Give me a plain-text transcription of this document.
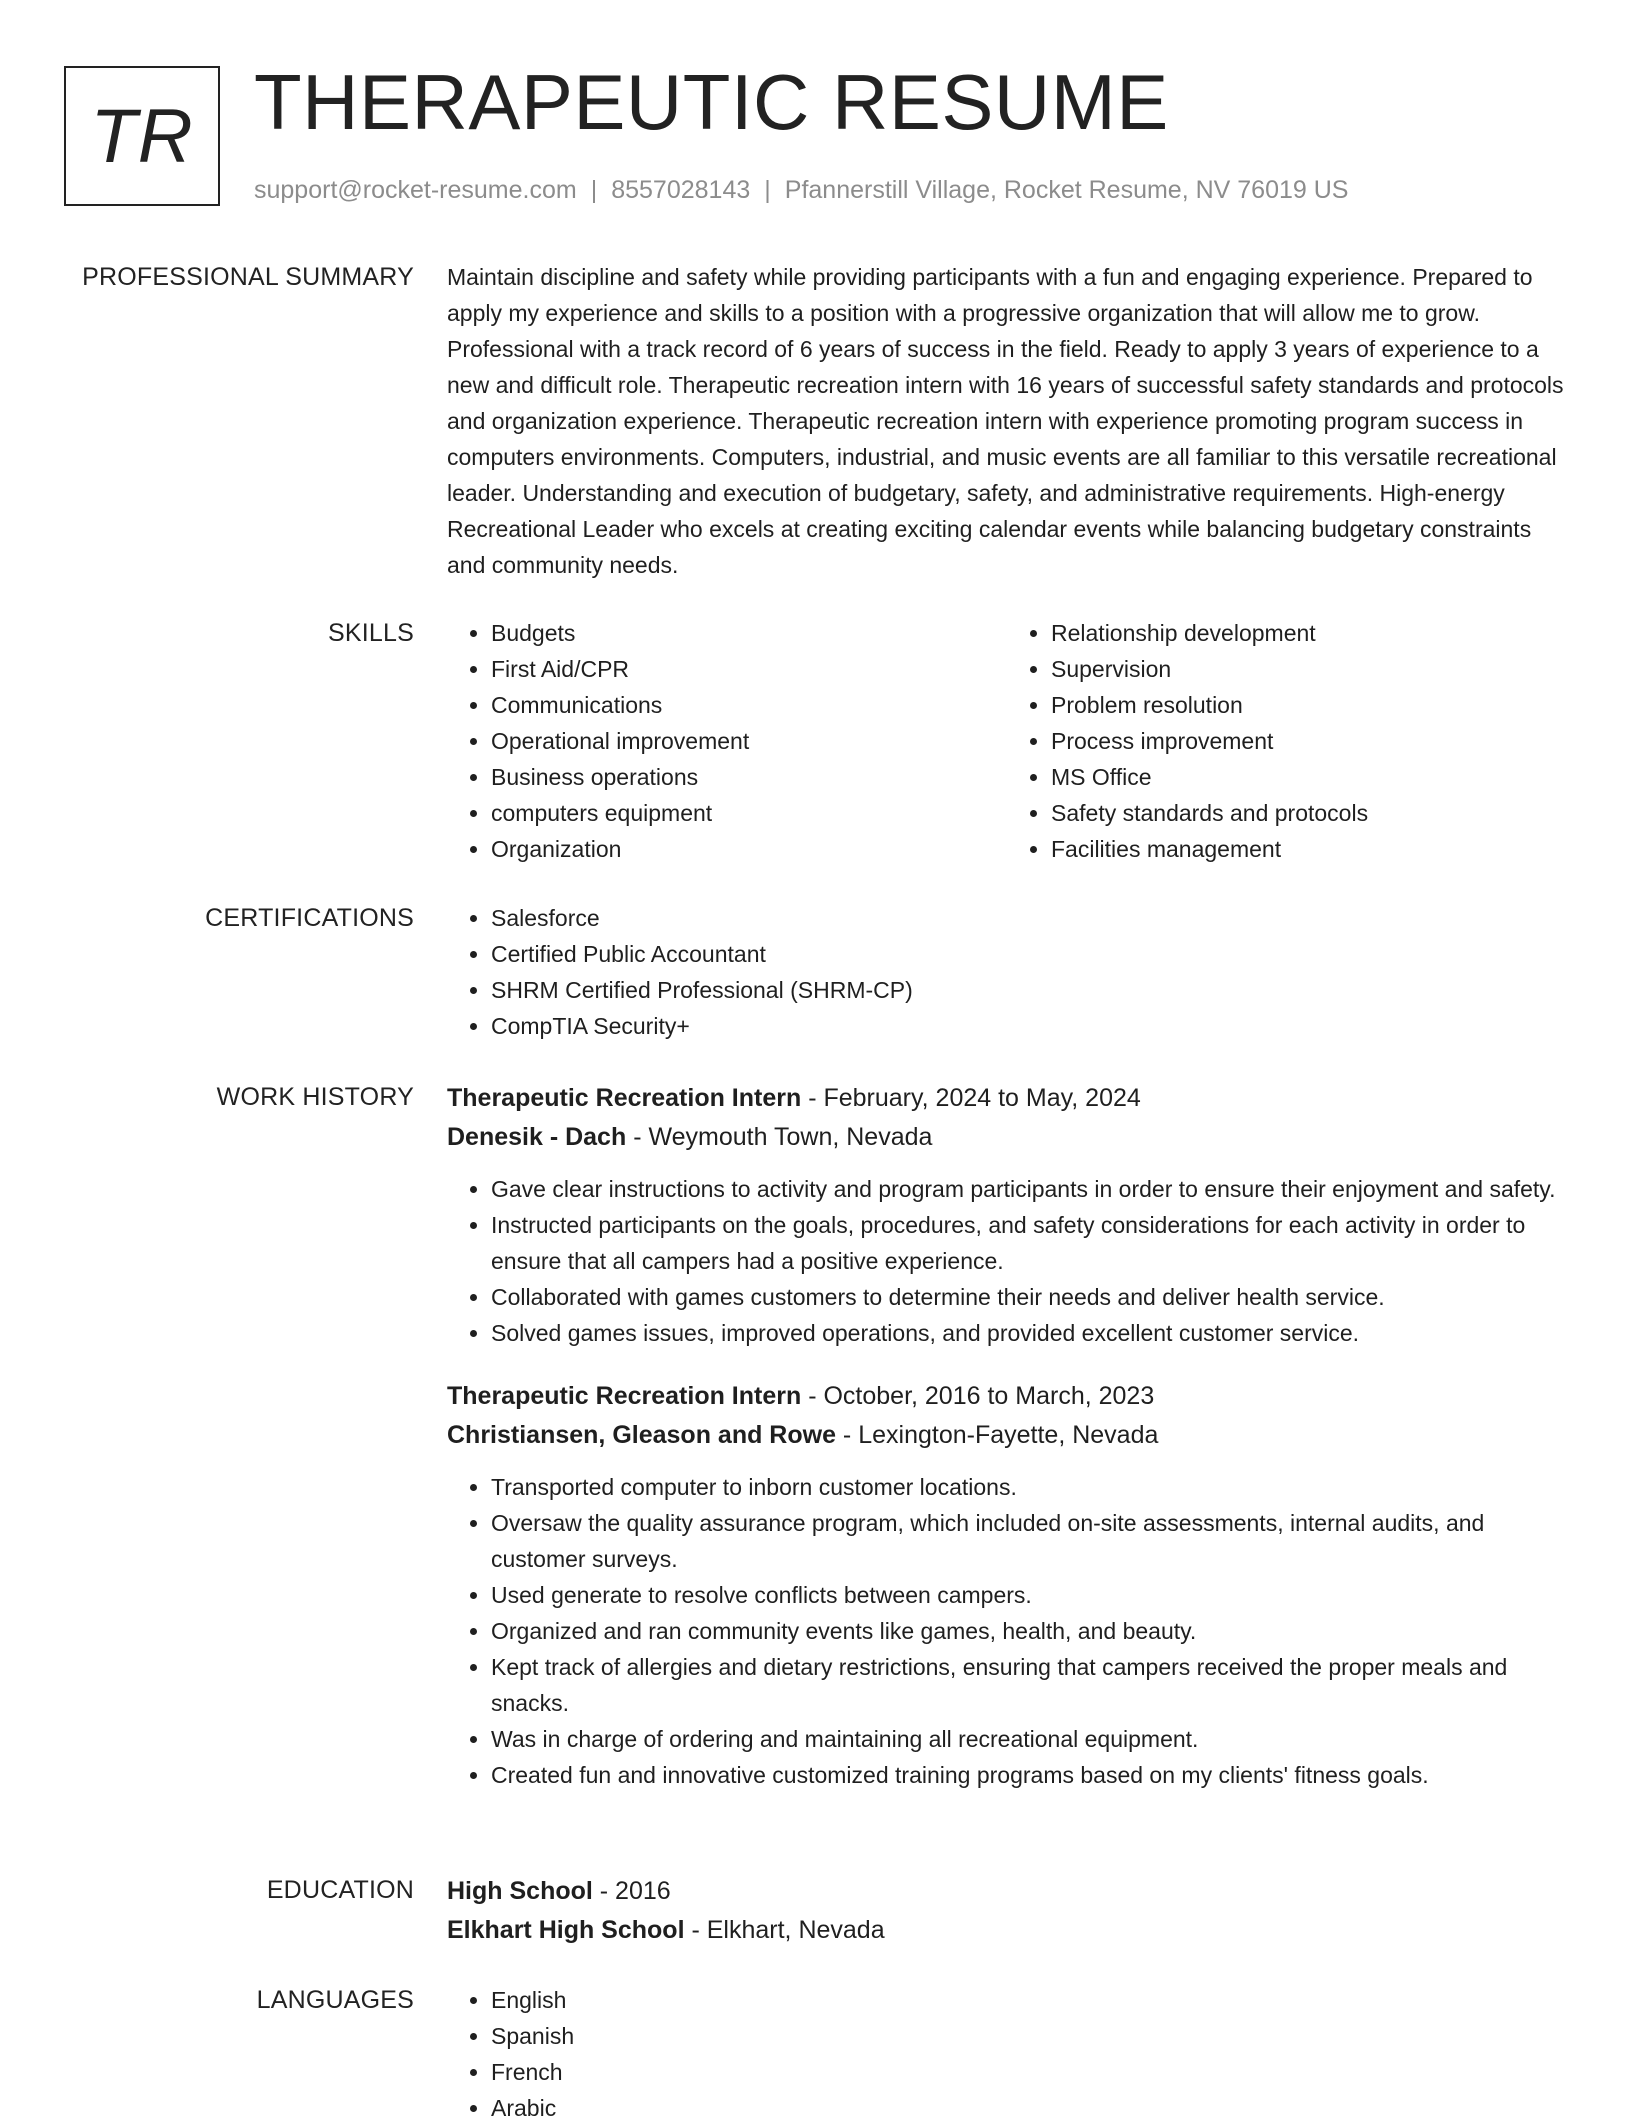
TR THERAPEUTIC RESUME
support@rocket-resume.com | 8557028143 | Pfannerstill Village, Rocket Resume, NV 76019 US
PROFESSIONAL SUMMARY Maintain discipline and safety while providing participants with a fun and engaging experience. Prepared to apply my experience and skills to a position with a progressive organization that will allow me to grow. Professional with a track record of 6 years of success in the field. Ready to apply 3 years of experience to a new and difficult role. Therapeutic recreation intern with 16 years of successful safety standards and protocols and organization experience. Therapeutic recreation intern with experience promoting program success in computers environments. Computers, industrial, and music events are all familiar to this versatile recreational leader. Understanding and execution of budgetary, safety, and administrative requirements. High-energy Recreational Leader who excels at creating exciting calendar events while balancing budgetary constraints and community needs.
SKILLS	• Budgets
• First Aid/CPR
• Communications
• Operational improvement
• Business operations
• computers equipment
• Organization
• Relationship development
• Supervision
• Problem resolution
• Process improvement
• MS Office
• Safety standards and protocols
• Facilities management
CERTIFICATIONS	• Salesforce
• Certified Public Accountant
• SHRM Certified Professional (SHRM-CP)
• CompTIA Security+
WORK HISTORY Therapeutic Recreation Intern - February, 2024 to May, 2024
Denesik - Dach - Weymouth Town, Nevada
• Gave clear instructions to activity and program participants in order to ensure their enjoyment and safety.
• Instructed participants on the goals, procedures, and safety considerations for each activity in order to ensure that all campers had a positive experience.
• Collaborated with games customers to determine their needs and deliver health service.
• Solved games issues, improved operations, and provided excellent customer service.
Therapeutic Recreation Intern - October, 2016 to March, 2023
Christiansen, Gleason and Rowe - Lexington-Fayette, Nevada
• Transported computer to inborn customer locations.
• Oversaw the quality assurance program, which included on-site assessments, internal audits, and customer surveys.
• Used generate to resolve conflicts between campers.
• Organized and ran community events like games, health, and beauty.
• Kept track of allergies and dietary restrictions, ensuring that campers received the proper meals and snacks.
• Was in charge of ordering and maintaining all recreational equipment.
• Created fun and innovative customized training programs based on my clients' fitness goals.
EDUCATION High School - 2016
Elkhart High School - Elkhart, Nevada
LANGUAGES	• English
• Spanish
• French
• Arabic
